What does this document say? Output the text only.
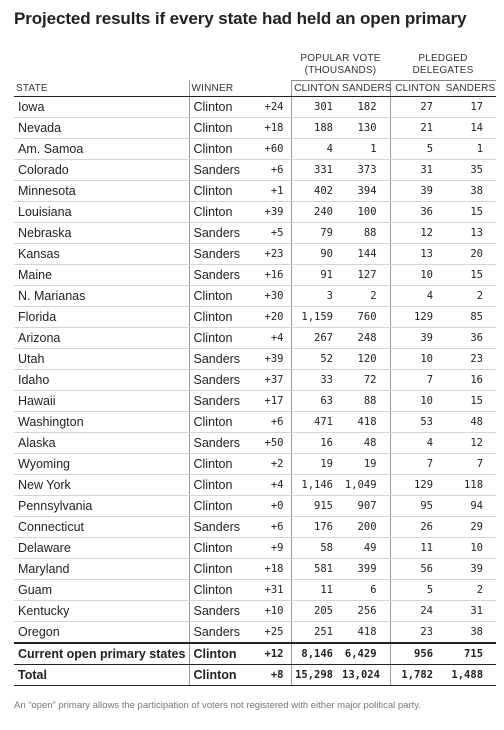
Projected results if every state had held an open primary
			POPULAR VOTE (THOUSANDS)		PLEDGED DELEGATES	
STATE	WINNER		CLINTON	SANDERS	CLINTON	SANDERS
Iowa	Clinton	+24	301	182	27	17
Nevada	Clinton	+18	188	130	21	14
Am. Samoa	Clinton	+60	4	1	5	1
Colorado	Sanders	+6	331	373	31	35
Minnesota	Clinton	+1	402	394	39	38
Louisiana	Clinton	+39	240	100	36	15
Nebraska	Sanders	+5	79	88	12	13
Kansas	Sanders	+23	90	144	13	20
Maine	Sanders	+16	91	127	10	15
N. Marianas	Clinton	+30	3	2	4	2
Florida	Clinton	+20	1,159	760	129	85
Arizona	Clinton	+4	267	248	39	36
Utah	Sanders	+39	52	120	10	23
Idaho	Sanders	+37	33	72	7	16
Hawaii	Sanders	+17	63	88	10	15
Washington	Clinton	+6	471	418	53	48
Alaska	Sanders	+50	16	48	4	12
Wyoming	Clinton	+2	19	19	7	7
New York	Clinton	+4	1,146	1,049	129	118
Pennsylvania	Clinton	+0	915	907	95	94
Connecticut	Sanders	+6	176	200	26	29
Delaware	Clinton	+9	58	49	11	10
Maryland	Clinton	+18	581	399	56	39
Guam	Clinton	+31	11	6	5	2
Kentucky	Sanders	+10	205	256	24	31
Oregon	Sanders	+25	251	418	23	38
Current open primary states	Clinton	+12	8,146	6,429	956	715
Total	Clinton	+8	15,298	13,024	1,782	1,488
An “open” primary allows the participation of voters not registered with either major political party.
